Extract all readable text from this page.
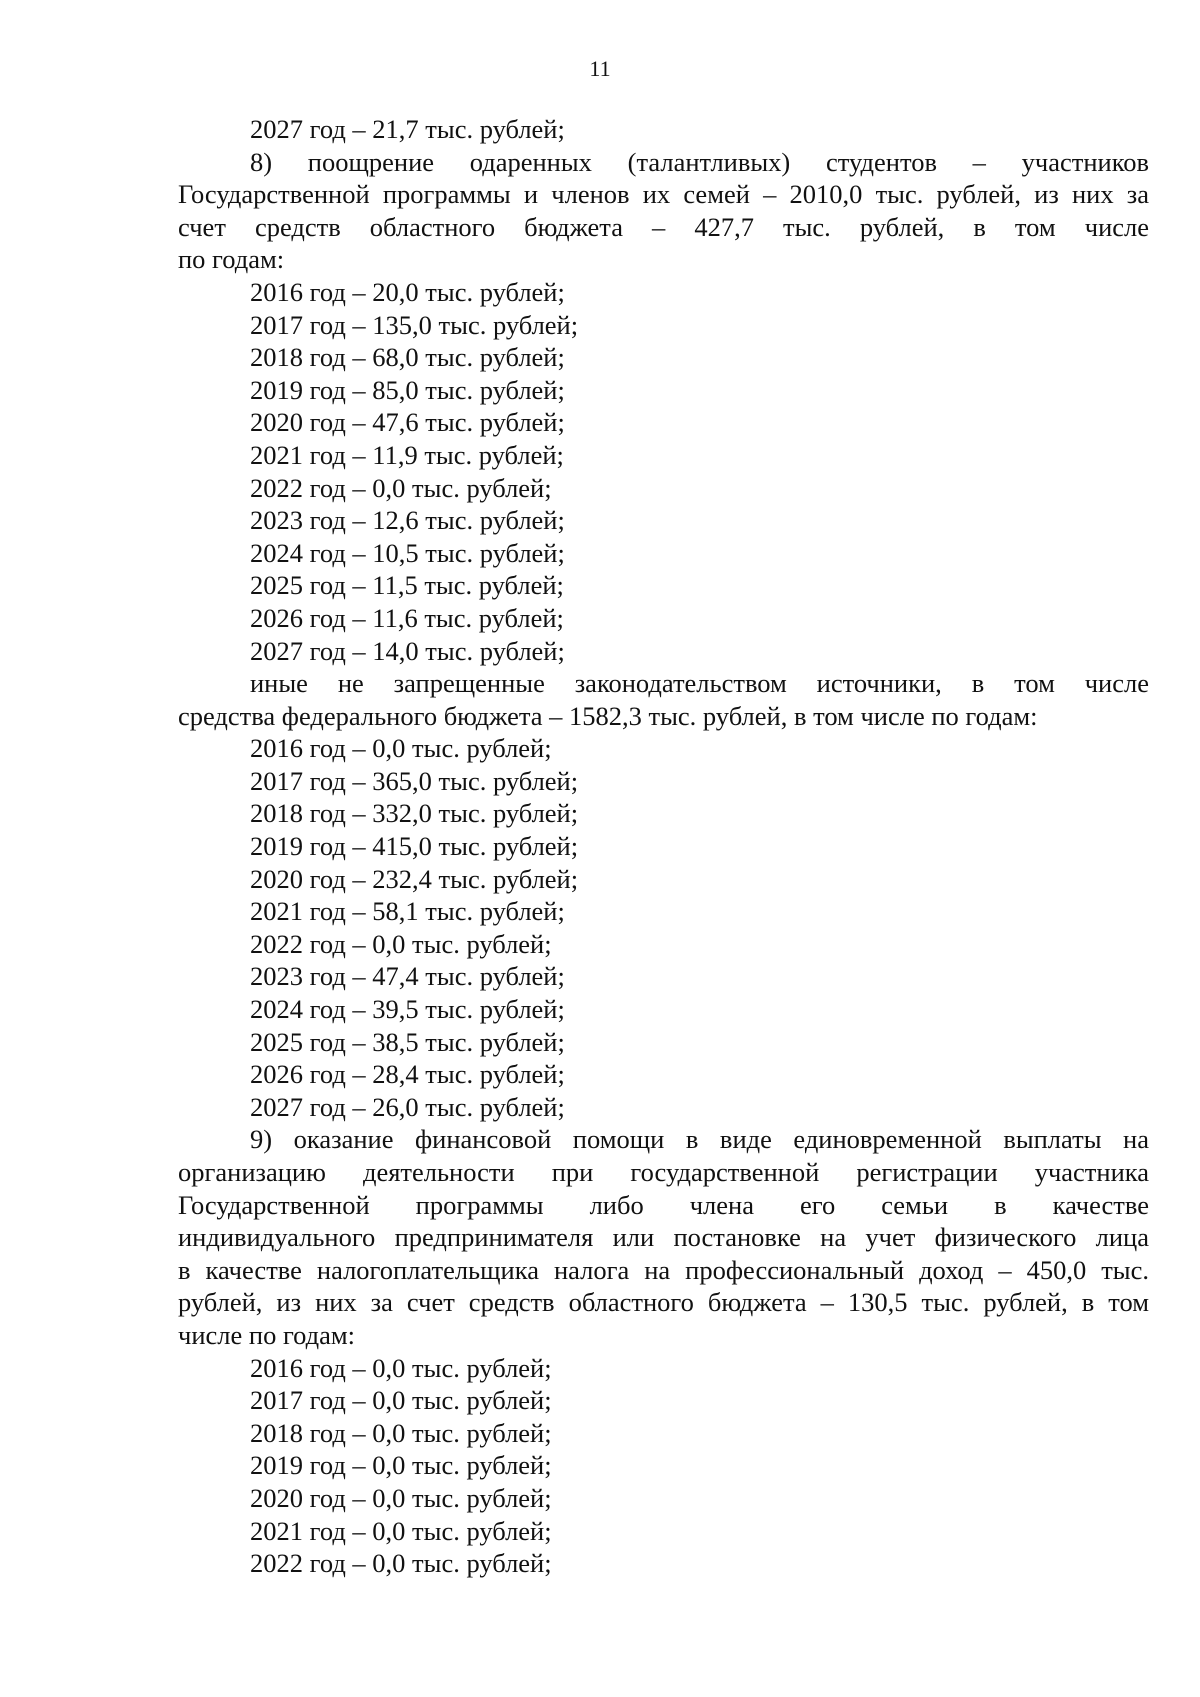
11
2027 год – 21,7 тыс. рублей;
8) поощрение одаренных (талантливых) студентов – участников
Государственной программы и членов их семей – 2010,0 тыс. рублей, из них за
счет средств областного бюджета – 427,7 тыс. рублей, в том числе
по годам:
2016 год – 20,0 тыс. рублей;
2017 год – 135,0 тыс. рублей;
2018 год – 68,0 тыс. рублей;
2019 год – 85,0 тыс. рублей;
2020 год – 47,6 тыс. рублей;
2021 год – 11,9 тыс. рублей;
2022 год – 0,0 тыс. рублей;
2023 год – 12,6 тыс. рублей;
2024 год – 10,5 тыс. рублей;
2025 год – 11,5 тыс. рублей;
2026 год – 11,6 тыс. рублей;
2027 год – 14,0 тыс. рублей;
иные не запрещенные законодательством источники, в том числе
средства федерального бюджета – 1582,3 тыс. рублей, в том числе по годам:
2016 год – 0,0 тыс. рублей;
2017 год – 365,0 тыс. рублей;
2018 год – 332,0 тыс. рублей;
2019 год – 415,0 тыс. рублей;
2020 год – 232,4 тыс. рублей;
2021 год – 58,1 тыс. рублей;
2022 год – 0,0 тыс. рублей;
2023 год – 47,4 тыс. рублей;
2024 год – 39,5 тыс. рублей;
2025 год – 38,5 тыс. рублей;
2026 год – 28,4 тыс. рублей;
2027 год – 26,0 тыс. рублей;
9) оказание финансовой помощи в виде единовременной выплаты на
организацию деятельности при государственной регистрации участника
Государственной программы либо члена его семьи в качестве
индивидуального предпринимателя или постановке на учет физического лица
в качестве налогоплательщика налога на профессиональный доход – 450,0 тыс.
рублей, из них за счет средств областного бюджета – 130,5 тыс. рублей, в том
числе по годам:
2016 год – 0,0 тыс. рублей;
2017 год – 0,0 тыс. рублей;
2018 год – 0,0 тыс. рублей;
2019 год – 0,0 тыс. рублей;
2020 год – 0,0 тыс. рублей;
2021 год – 0,0 тыс. рублей;
2022 год – 0,0 тыс. рублей;
